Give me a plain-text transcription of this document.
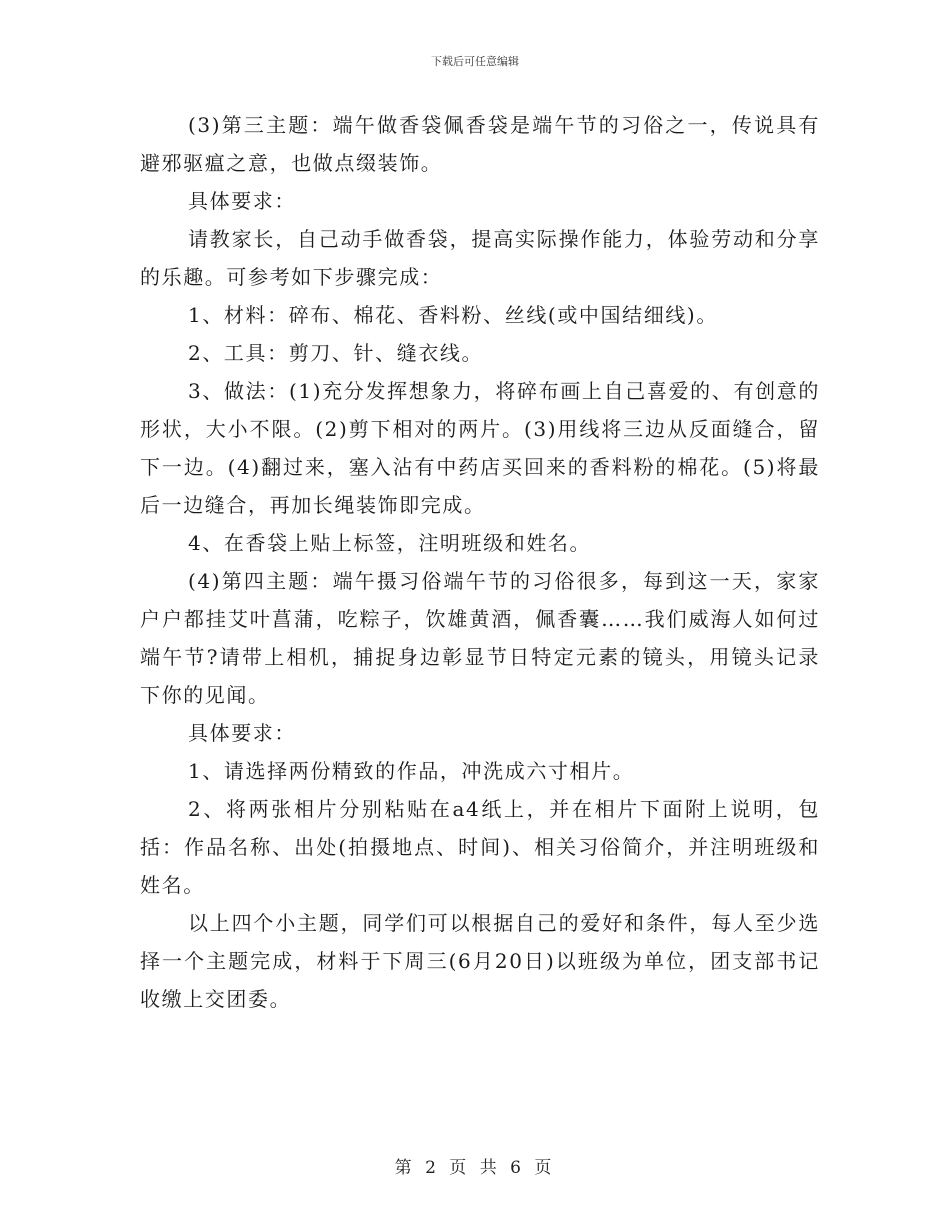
下载后可任意编辑

(3)第三主题：端午做香袋佩香袋是端午节的习俗之一，传说具有避邪驱瘟之意，也做点缀装饰。

具体要求：

请教家长，自己动手做香袋，提高实际操作能力，体验劳动和分享的乐趣。可参考如下步骤完成：

1、材料：碎布、棉花、香料粉、丝线(或中国结细线)。

2、工具：剪刀、针、缝衣线。

3、做法：(1)充分发挥想象力，将碎布画上自己喜爱的、有创意的形状，大小不限。(2)剪下相对的两片。(3)用线将三边从反面缝合，留下一边。(4)翻过来，塞入沾有中药店买回来的香料粉的棉花。(5)将最后一边缝合，再加长绳装饰即完成。

4、在香袋上贴上标签，注明班级和姓名。

(4)第四主题：端午摄习俗端午节的习俗很多，每到这一天，家家户户都挂艾叶菖蒲，吃粽子，饮雄黄酒，佩香囊……我们威海人如何过端午节?请带上相机，捕捉身边彰显节日特定元素的镜头，用镜头记录下你的见闻。

具体要求：

1、请选择两份精致的作品，冲洗成六寸相片。

2、将两张相片分别粘贴在a4纸上，并在相片下面附上说明，包括：作品名称、出处(拍摄地点、时间)、相关习俗简介，并注明班级和姓名。

以上四个小主题，同学们可以根据自己的爱好和条件，每人至少选择一个主题完成，材料于下周三(6月20日)以班级为单位，团支部书记收缴上交团委。

第 2 页 共 6 页
